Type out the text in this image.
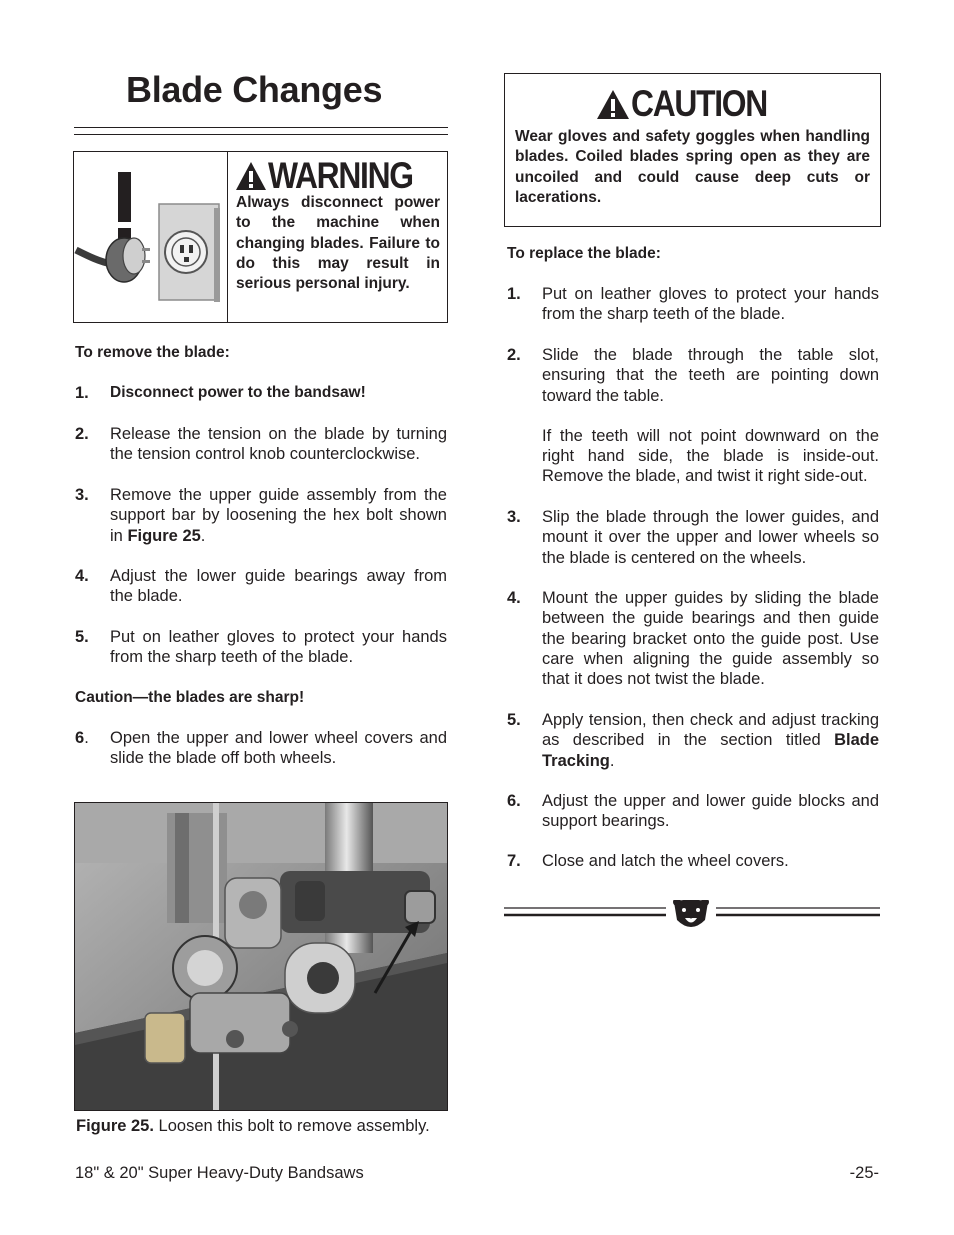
Blade Changes
WARNING
Always disconnect power to the machine when changing blades. Failure to do this may result in serious personal injury.
To remove the blade:
1.	Disconnect power to the bandsaw!
2.	Release the tension on the blade by turning the tension control knob counterclockwise.
3.	Remove the upper guide assembly from the support bar by loosening the hex bolt shown in Figure 25.
4.	Adjust the lower guide bearings away from the blade.
5.	Put on leather gloves to protect your hands from the sharp teeth of the blade.
Caution—the blades are sharp!
6.	Open the upper and lower wheel covers and slide the blade off both wheels.
Figure 25. Loosen this bolt to remove assembly.
CAUTION
Wear gloves and safety goggles when handling blades. Coiled blades spring open as they are uncoiled and could cause deep cuts or lacerations.
To replace the blade:
1.	Put on leather gloves to protect your hands from the sharp teeth of the blade.
2.	Slide the blade through the table slot, ensuring that the teeth are pointing down toward the table.
If the teeth will not point downward on the right hand side, the blade is inside-out. Remove the blade, and twist it right side-out.
3.	Slip the blade through the lower guides, and mount it over the upper and lower wheels so the blade is centered on the wheels.
4.	Mount the upper guides by sliding the blade between the guide bearings and then guide the bearing bracket onto the guide post. Use care when aligning the guide assembly so that it does not twist the blade.
5.	Apply tension, then check and adjust tracking as described in the section titled Blade Tracking.
6.	Adjust the upper and lower guide blocks and support bearings.
7.	Close and latch the wheel covers.
18" & 20" Super Heavy-Duty Bandsaws	-25-
